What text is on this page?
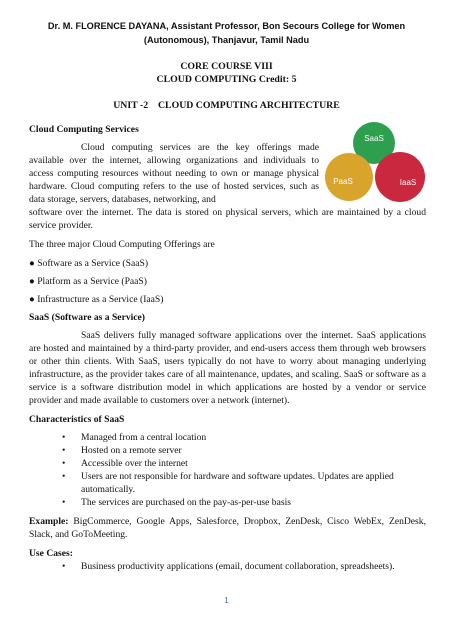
Dr. M. FLORENCE DAYANA, Assistant Professor, Bon Secours College for Women
(Autonomous), Thanjavur, Tamil Nadu
CORE COURSE VIII
CLOUD COMPUTING Credit: 5
UNIT -2    CLOUD COMPUTING ARCHITECTURE
SaaS
PaaS	IaaS
Cloud Computing Services

Cloud computing services are the key offerings made available over the internet, allowing organizations and individuals to access computing resources without needing to own or manage physical hardware. Cloud computing refers to the use of hosted services, such as data storage, servers, databases, networking, and

software over the internet. The data is stored on physical servers, which are maintained by a cloud service provider.

The three major Cloud Computing Offerings are

● Software as a Service (SaaS)
● Platform as a Service (PaaS)
● Infrastructure as a Service (IaaS)
SaaS (Software as a Service)

SaaS delivers fully managed software applications over the internet. SaaS applications are hosted and maintained by a third-party provider, and end-users access them through web browsers or other thin clients. With SaaS, users typically do not have to worry about managing underlying infrastructure, as the provider takes care of all maintenance, updates, and scaling. SaaS or software as a service is a software distribution model in which applications are hosted by a vendor or service provider and made available to customers over a network (internet).

Characteristics of SaaS
• Managed from a central location
• Hosted on a remote server
• Accessible over the internet
• Users are not responsible for hardware and software updates. Updates are applied automatically.
• The services are purchased on the pay-as-per-use basis

Example: BigCommerce, Google Apps, Salesforce, Dropbox, ZenDesk, Cisco WebEx, ZenDesk, Slack, and GoToMeeting.

Use Cases:
• Business productivity applications (email, document collaboration, spreadsheets).
1
